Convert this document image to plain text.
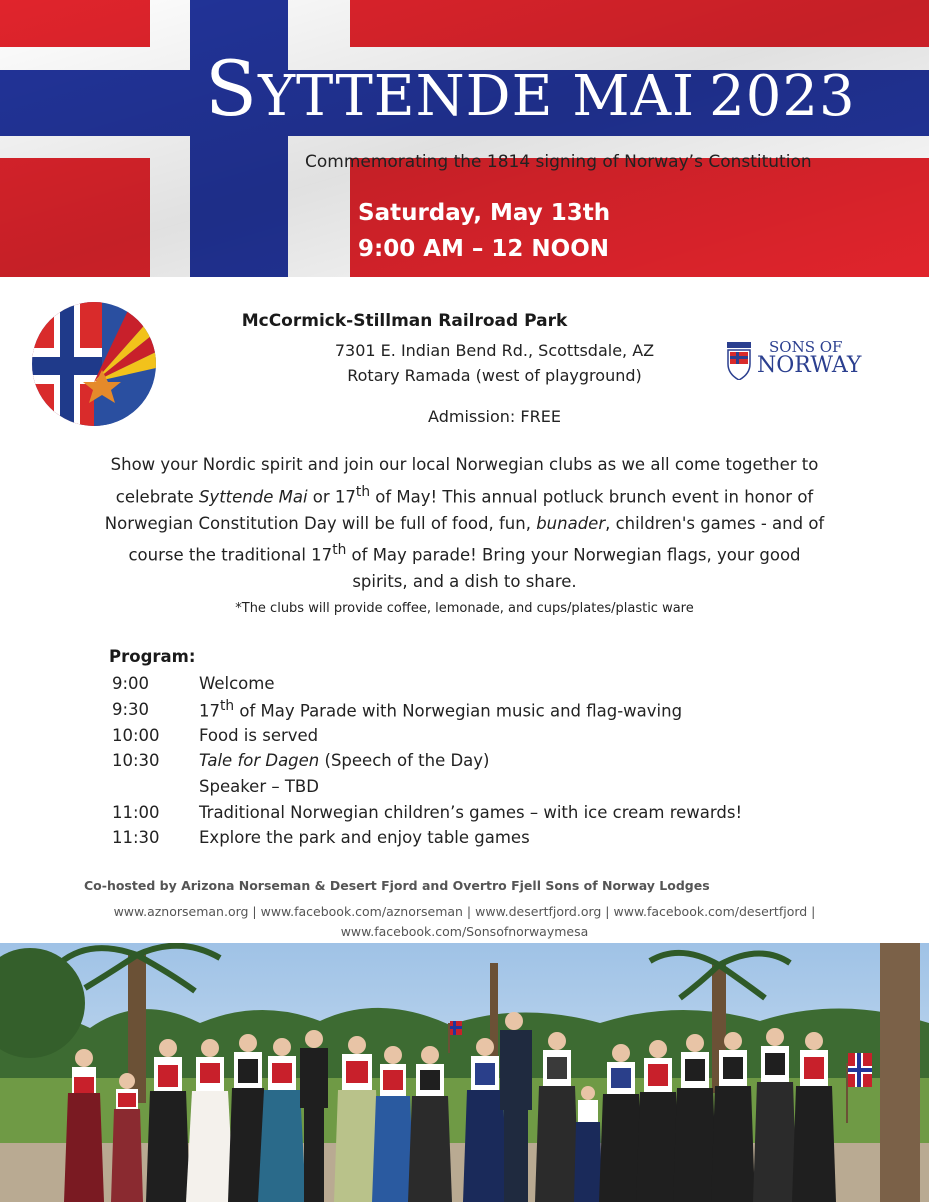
SYTTENDE MAI 2023
Commemorating the 1814 signing of Norway’s Constitution
Saturday, May 13th
9:00 AM – 12 NOON
SONS OF
NORWAY
McCormick-Stillman Railroad Park
7301 E. Indian Bend Rd., Scottsdale, AZ
Rotary Ramada (west of playground)
Admission: FREE

Show your Nordic spirit and join our local Norwegian clubs as we all come together to celebrate Syttende Mai or 17th of May! This annual potluck brunch event in honor of Norwegian Constitution Day will be full of food, fun, bunader, children's games - and of course the traditional 17th of May parade! Bring your Norwegian flags, your good spirits, and a dish to share.

*The clubs will provide coffee, lemonade, and cups/plates/plastic ware
Program:
9:00	Welcome
9:30	17th of May Parade with Norwegian music and flag-waving
10:00	Food is served
10:30	Tale for Dagen (Speech of the Day)
Speaker – TBD
11:00	Traditional Norwegian children’s games – with ice cream rewards!
11:30	Explore the park and enjoy table games
Co-hosted by Arizona Norseman & Desert Fjord and Overtro Fjell Sons of Norway Lodges
www.aznorseman.org | www.facebook.com/aznorseman | www.desertfjord.org | www.facebook.com/desertfjord |
www.facebook.com/Sonsofnorwaymesa
